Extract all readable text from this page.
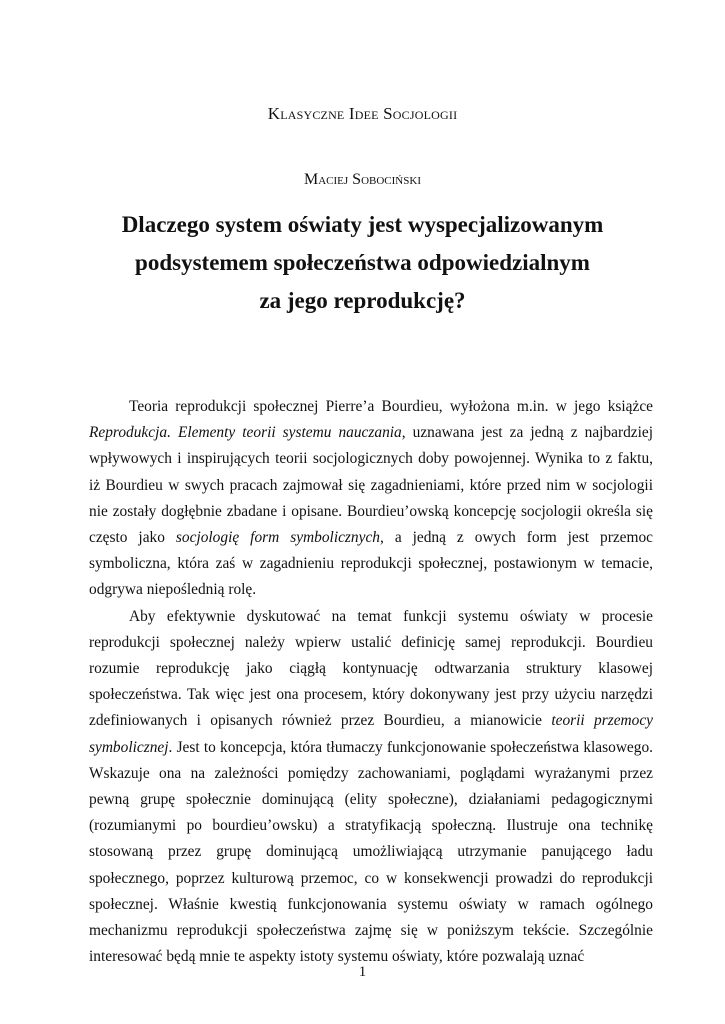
Klasyczne Idee Socjologii
Maciej Sobociński
Dlaczego system oświaty jest wyspecjalizowanym
podsystemem społeczeństwa odpowiedzialnym
za jego reprodukcję?

Teoria reprodukcji społecznej Pierre’a Bourdieu, wyłożona m.in. w jego książce Reprodukcja. Elementy teorii systemu nauczania, uznawana jest za jedną z najbardziej wpływowych i inspirujących teorii socjologicznych doby powojennej. Wynika to z faktu, iż Bourdieu w swych pracach zajmował się zagadnieniami, które przed nim w socjologii nie zostały dogłębnie zbadane i opisane. Bourdieu’owską koncepcję socjologii określa się często jako socjologię form symbolicznych, a jedną z owych form jest przemoc symboliczna, która zaś w zagadnieniu reprodukcji społecznej, postawionym w temacie, odgrywa niepoślednią rolę.

Aby efektywnie dyskutować na temat funkcji systemu oświaty w procesie reprodukcji społecznej należy wpierw ustalić definicję samej reprodukcji. Bourdieu rozumie reprodukcję jako ciągłą kontynuację odtwarzania struktury klasowej społeczeństwa. Tak więc jest ona procesem, który dokonywany jest przy użyciu narzędzi zdefiniowanych i opisanych również przez Bourdieu, a mianowicie teorii przemocy symbolicznej. Jest to koncepcja, która tłumaczy funkcjonowanie społeczeństwa klasowego. Wskazuje ona na zależności pomiędzy zachowaniami, poglądami wyrażanymi przez pewną grupę społecznie dominującą (elity społeczne), działaniami pedagogicznymi (rozumianymi po bourdieu’owsku) a stratyfikacją społeczną. Ilustruje ona technikę stosowaną przez grupę dominującą umożliwiającą utrzymanie panującego ładu społecznego, poprzez kulturową przemoc, co w konsekwencji prowadzi do reprodukcji społecznej. Właśnie kwestią funkcjonowania systemu oświaty w ramach ogólnego mechanizmu reprodukcji społeczeństwa zajmę się w poniższym tekście. Szczególnie interesować będą mnie te aspekty istoty systemu oświaty, które pozwalają uznać

1
